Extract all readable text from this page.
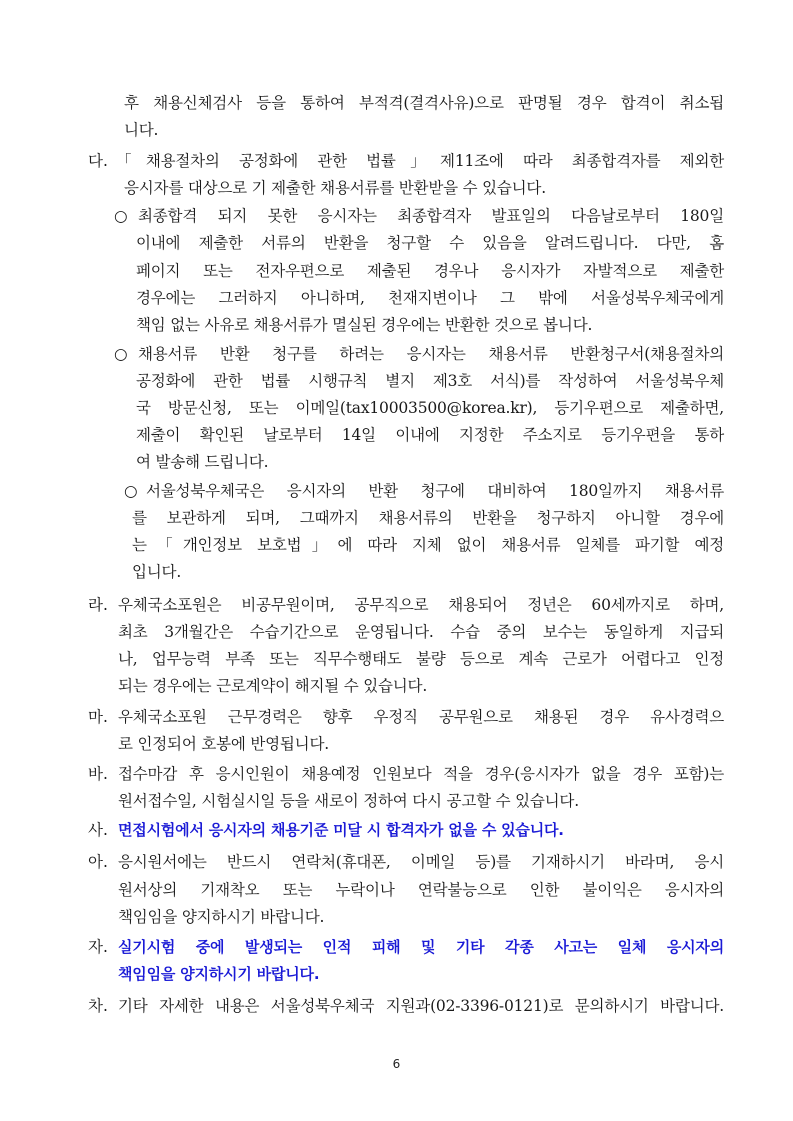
후 채용신체검사 등을 통하여 부적격(결격사유)으로 판명될 경우 합격이 취소됩
니다.
다. 「채용절차의 공정화에 관한 법률」제11조에 따라 최종합격자를 제외한
응시자를 대상으로 기 제출한 채용서류를 반환받을 수 있습니다.
○ 최종합격 되지 못한 응시자는 최종합격자 발표일의 다음날로부터 180일
이내에 제출한 서류의 반환을 청구할 수 있음을 알려드립니다. 다만, 홈
페이지 또는 전자우편으로 제출된 경우나 응시자가 자발적으로 제출한
경우에는 그러하지 아니하며, 천재지변이나 그 밖에 서울성북우체국에게
책임 없는 사유로 채용서류가 멸실된 경우에는 반환한 것으로 봅니다.
○ 채용서류 반환 청구를 하려는 응시자는 채용서류 반환청구서(채용절차의
공정화에 관한 법률 시행규칙 별지 제3호 서식)를 작성하여 서울성북우체
국 방문신청, 또는 이메일(tax10003500@korea.kr), 등기우편으로 제출하면,
제출이 확인된 날로부터 14일 이내에 지정한 주소지로 등기우편을 통하
여 발송해 드립니다.
○ 서울성북우체국은 응시자의 반환 청구에 대비하여 180일까지 채용서류
를 보관하게 되며, 그때까지 채용서류의 반환을 청구하지 아니할 경우에
는「개인정보 보호법」에 따라 지체 없이 채용서류 일체를 파기할 예정
입니다.
라. 우체국소포원은 비공무원이며, 공무직으로 채용되어 정년은 60세까지로 하며,
최초 3개월간은 수습기간으로 운영됩니다. 수습 중의 보수는 동일하게 지급되
나, 업무능력 부족 또는 직무수행태도 불량 등으로 계속 근로가 어렵다고 인정
되는 경우에는 근로계약이 해지될 수 있습니다.
마. 우체국소포원 근무경력은 향후 우정직 공무원으로 채용된 경우 유사경력으
로 인정되어 호봉에 반영됩니다.
바. 접수마감 후 응시인원이 채용예정 인원보다 적을 경우(응시자가 없을 경우 포함)는
원서접수일, 시험실시일 등을 새로이 정하여 다시 공고할 수 있습니다.
사. 면접시험에서 응시자의 채용기준 미달 시 합격자가 없을 수 있습니다.
아. 응시원서에는 반드시 연락처(휴대폰, 이메일 등)를 기재하시기 바라며, 응시
원서상의 기재착오 또는 누락이나 연락불능으로 인한 불이익은 응시자의
책임임을 양지하시기 바랍니다.
자. 실기시험 중에 발생되는 인적 피해 및 기타 각종 사고는 일체 응시자의
책임임을 양지하시기 바랍니다.
차. 기타 자세한 내용은 서울성북우체국 지원과(02-3396-0121)로 문의하시기 바랍니다.
6
